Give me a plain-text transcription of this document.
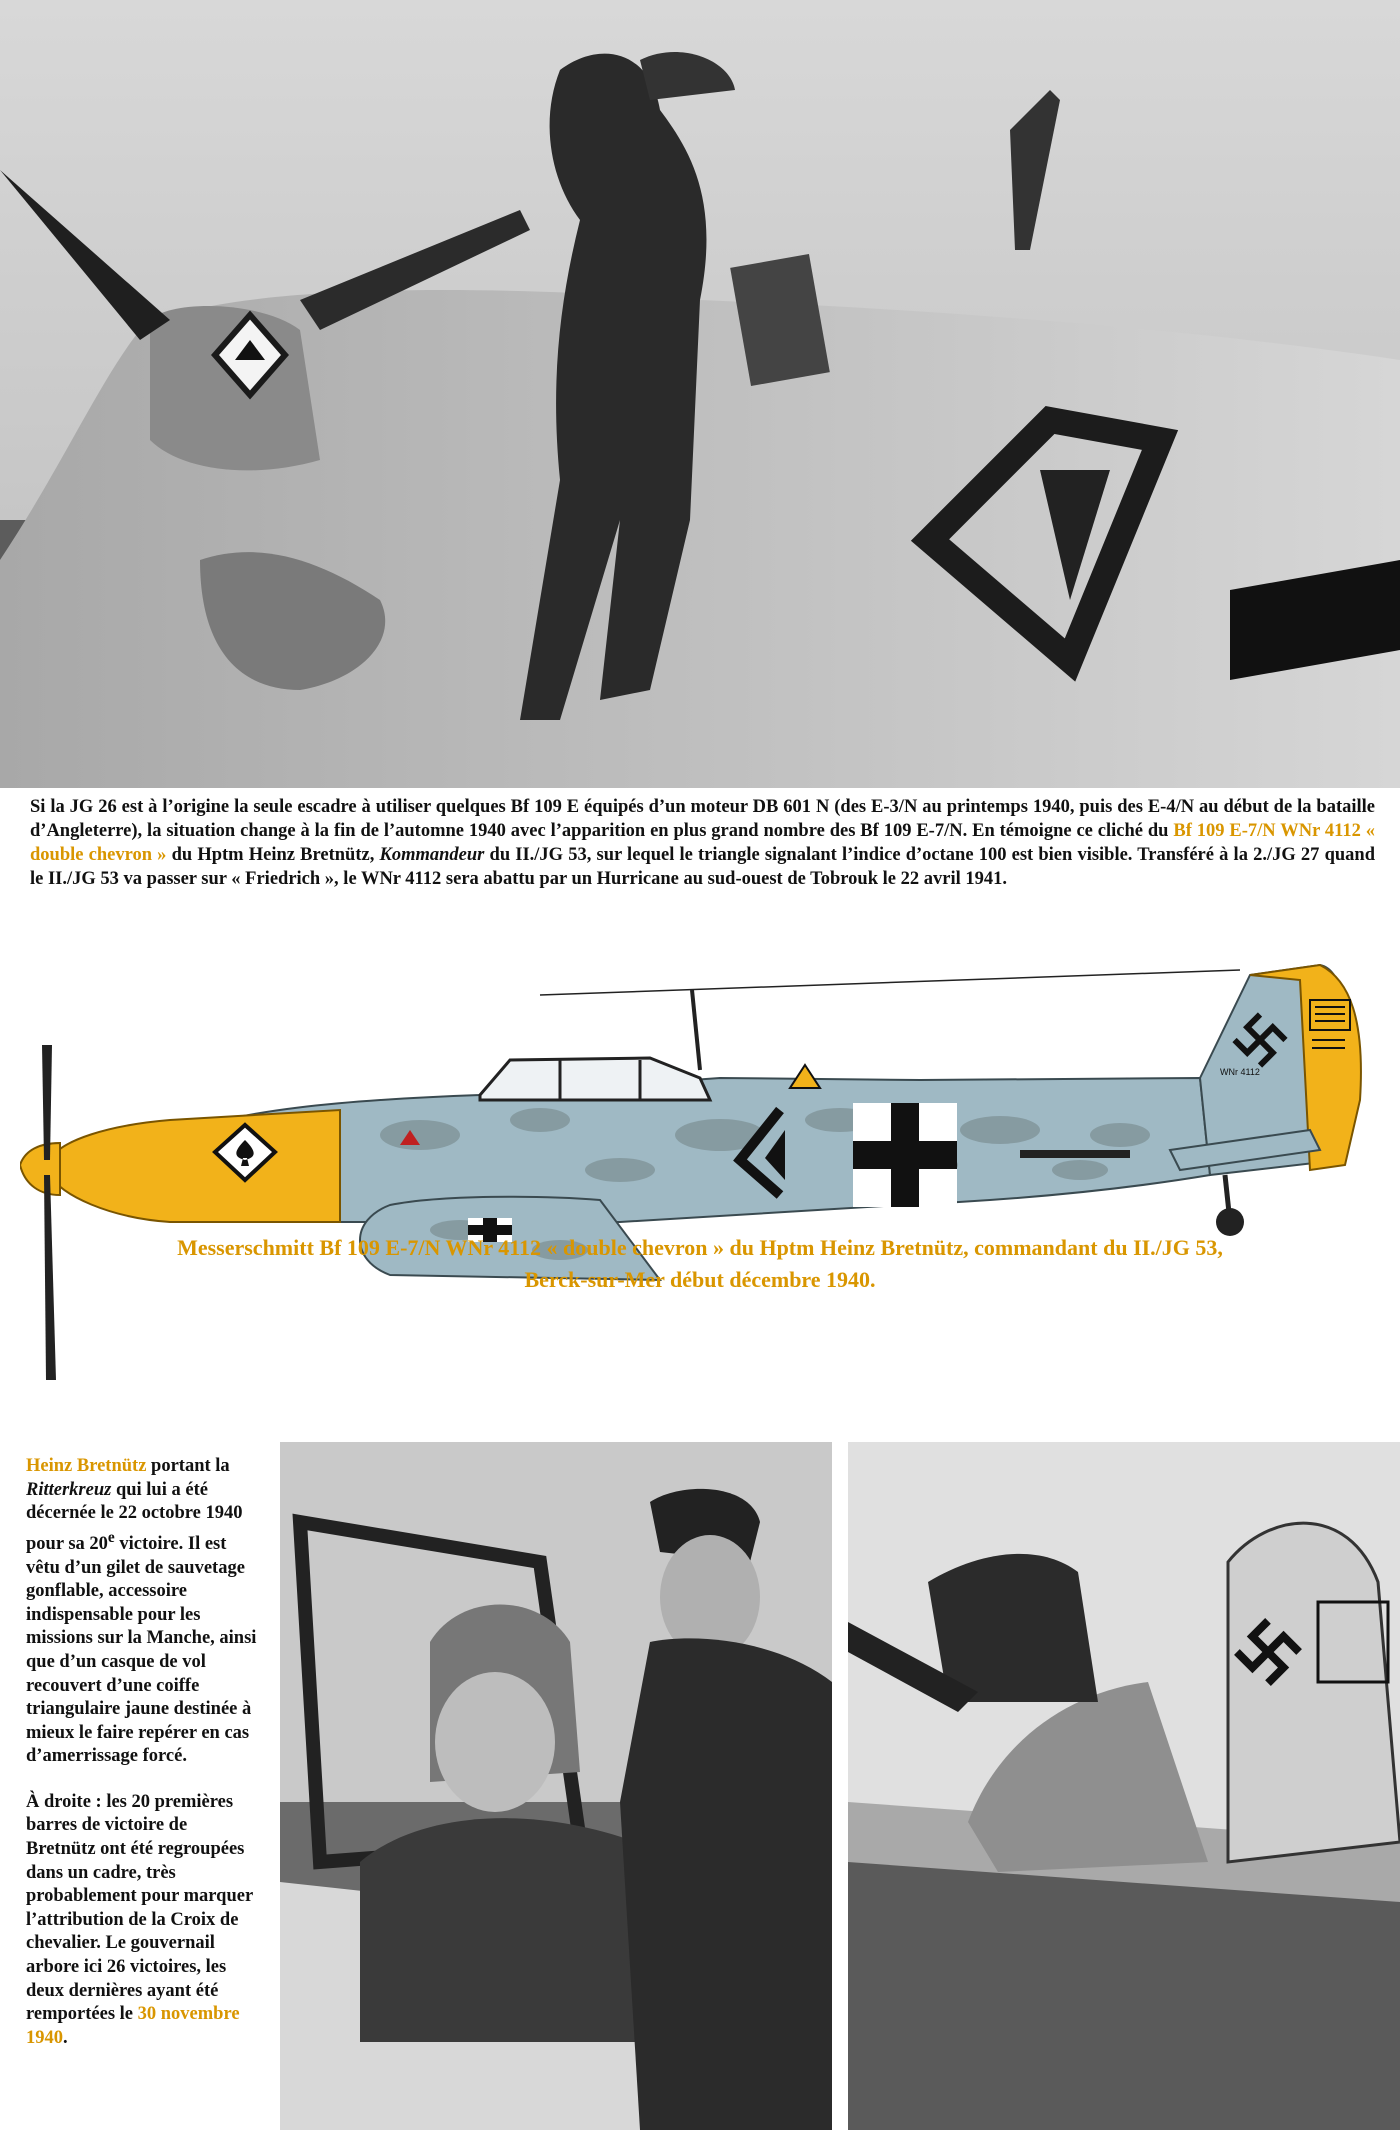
Si la JG 26 est à l’origine la seule escadre à utiliser quelques Bf 109 E équipés d’un moteur DB 601 N (des E-3/N au printemps 1940, puis des E-4/N au début de la bataille d’Angleterre), la situation change à la fin de l’automne 1940 avec l’apparition en plus grand nombre des Bf 109 E-7/N. En témoigne ce cliché du Bf 109 E-7/N WNr 4112 « double chevron » du Hptm Heinz Bretnütz, Kommandeur du II./JG 53, sur lequel le triangle signalant l’indice d’octane 100 est bien visible. Transféré à la 2./JG 27 quand le II./JG 53 va passer sur « Friedrich », le WNr 4112 sera abattu par un Hurricane au sud-ouest de Tobrouk le 22 avril 1941.
WNr 4112
Messerschmitt Bf 109 E-7/N WNr 4112 « double chevron » du Hptm Heinz Bretnütz, commandant du II./JG 53,
Berck-sur-Mer début décembre 1940.

Heinz Bretnütz portant la Ritterkreuz qui lui a été décernée le 22 octobre 1940 pour sa 20e victoire. Il est vêtu d’un gilet de sauvetage gonflable, accessoire indispensable pour les missions sur la Manche, ainsi que d’un casque de vol recouvert d’une coiffe triangulaire jaune destinée à mieux le faire repérer en cas d’amerrissage forcé.

À droite : les 20 premières barres de victoire de Bretnütz ont été regroupées dans un cadre, très probablement pour marquer l’attribution de la Croix de chevalier. Le gouvernail arbore ici 26 victoires, les deux dernières ayant été remportées le 30 novembre 1940.
